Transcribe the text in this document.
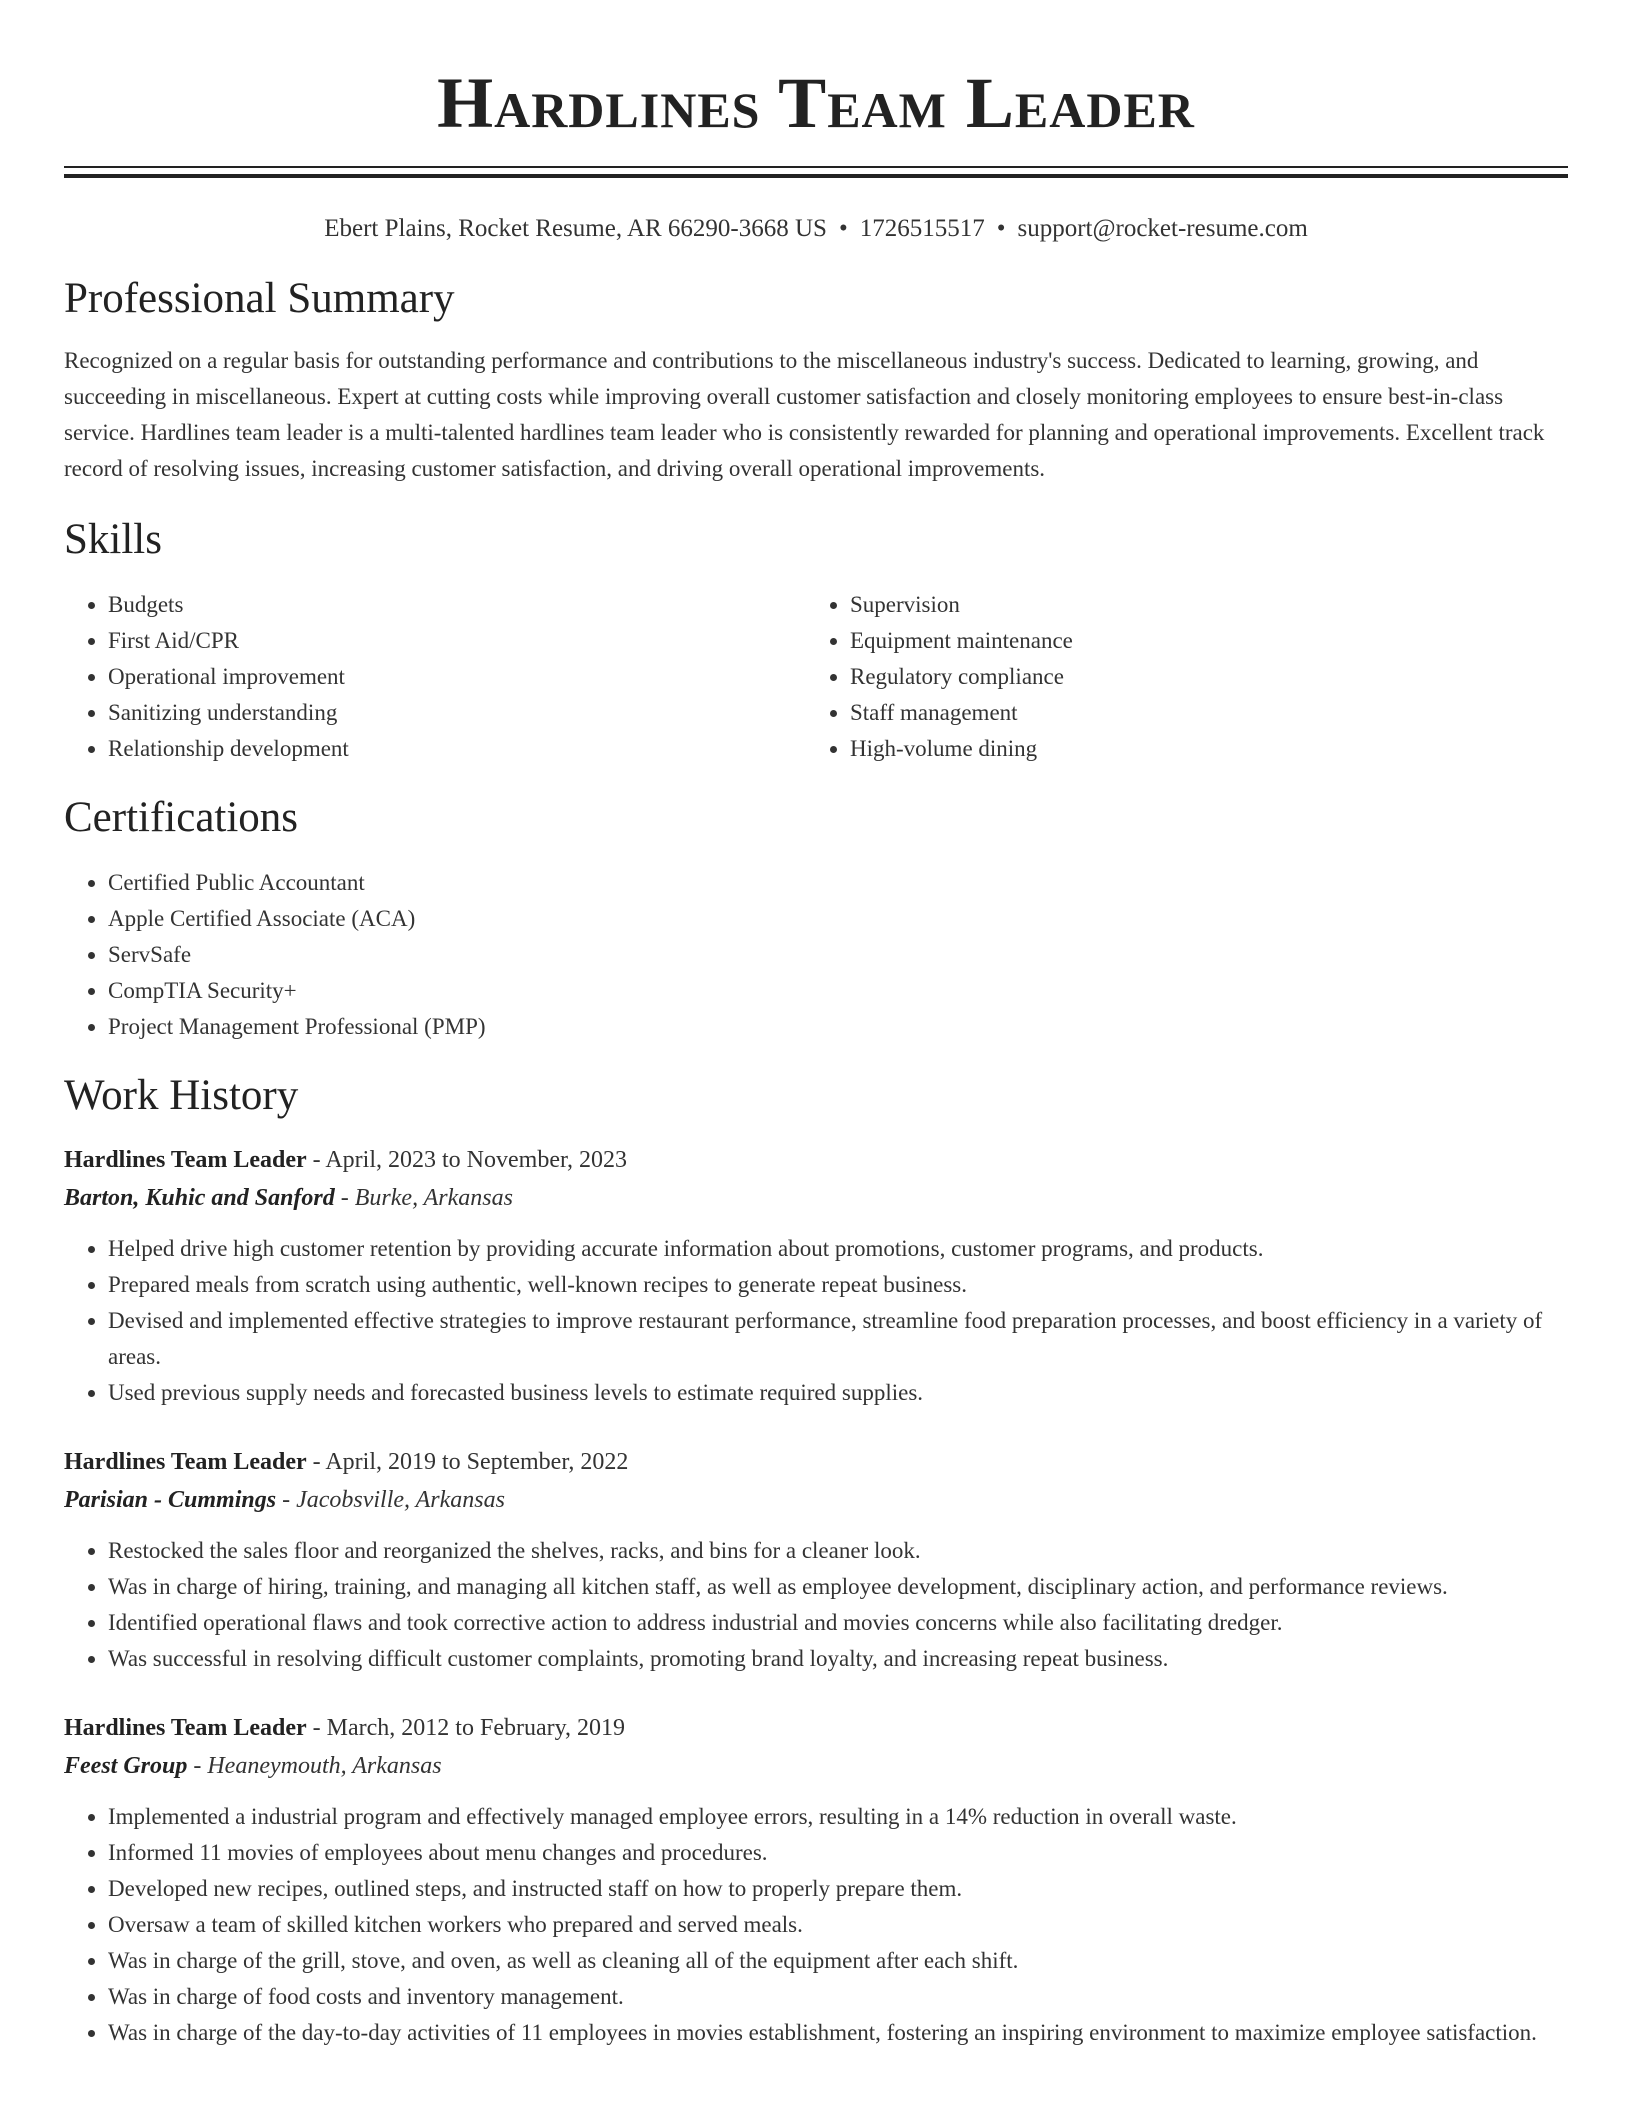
Hardlines Team Leader
Ebert Plains, Rocket Resume, AR 66290-3668 US • 1726515517 • support@rocket-resume.com
Professional Summary

Recognized on a regular basis for outstanding performance and contributions to the miscellaneous industry's success. Dedicated to learning, growing, and succeeding in miscellaneous. Expert at cutting costs while improving overall customer satisfaction and closely monitoring employees to ensure best-in-class service. Hardlines team leader is a multi-talented hardlines team leader who is consistently rewarded for planning and operational improvements. Excellent track record of resolving issues, increasing customer satisfaction, and driving overall operational improvements.

Skills
• Budgets
• First Aid/CPR
• Operational improvement
• Sanitizing understanding
• Relationship development
• Supervision
• Equipment maintenance
• Regulatory compliance
• Staff management
• High-volume dining
Certifications
• Certified Public Accountant
• Apple Certified Associate (ACA)
• ServSafe
• CompTIA Security+
• Project Management Professional (PMP)
Work History
Hardlines Team Leader - April, 2023 to November, 2023
Barton, Kuhic and Sanford - Burke, Arkansas
• Helped drive high customer retention by providing accurate information about promotions, customer programs, and products.
• Prepared meals from scratch using authentic, well-known recipes to generate repeat business.
• Devised and implemented effective strategies to improve restaurant performance, streamline food preparation processes, and boost efficiency in a variety of areas.
• Used previous supply needs and forecasted business levels to estimate required supplies.
Hardlines Team Leader - April, 2019 to September, 2022
Parisian - Cummings - Jacobsville, Arkansas
• Restocked the sales floor and reorganized the shelves, racks, and bins for a cleaner look.
• Was in charge of hiring, training, and managing all kitchen staff, as well as employee development, disciplinary action, and performance reviews.
• Identified operational flaws and took corrective action to address industrial and movies concerns while also facilitating dredger.
• Was successful in resolving difficult customer complaints, promoting brand loyalty, and increasing repeat business.
Hardlines Team Leader - March, 2012 to February, 2019
Feest Group - Heaneymouth, Arkansas
• Implemented a industrial program and effectively managed employee errors, resulting in a 14% reduction in overall waste.
• Informed 11 movies of employees about menu changes and procedures.
• Developed new recipes, outlined steps, and instructed staff on how to properly prepare them.
• Oversaw a team of skilled kitchen workers who prepared and served meals.
• Was in charge of the grill, stove, and oven, as well as cleaning all of the equipment after each shift.
• Was in charge of food costs and inventory management.
• Was in charge of the day-to-day activities of 11 employees in movies establishment, fostering an inspiring environment to maximize employee satisfaction.
